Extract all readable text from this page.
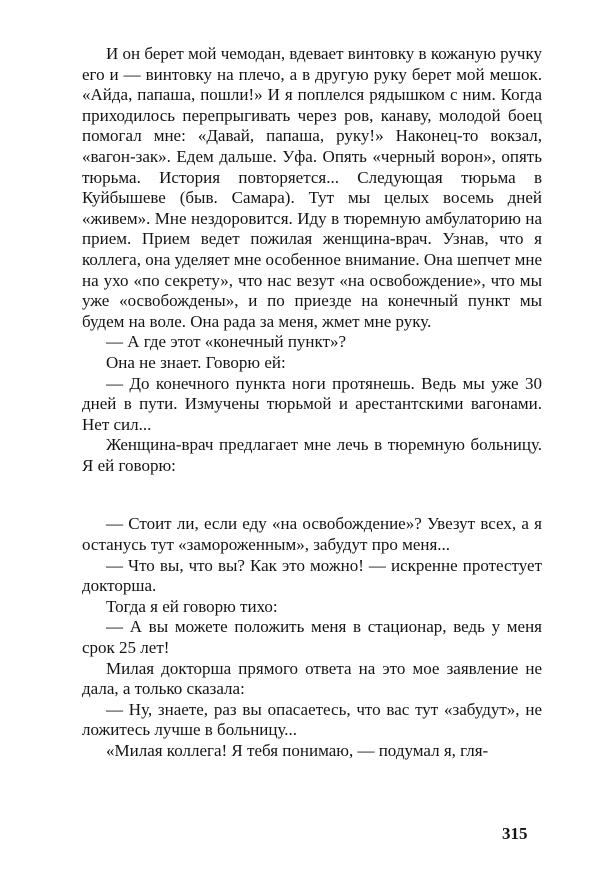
И он берет мой чемодан, вдевает винтовку в кожаную ручку его и — винтовку на плечо, а в другую руку берет мой мешок. «Айда, папаша, пошли!» И я поплелся рядышком с ним. Когда приходилось перепрыгивать через ров, канаву, молодой боец помогал мне: «Давай, папаша, руку!» Наконец-то вокзал, «вагон-зак». Едем дальше. Уфа. Опять «черный ворон», опять тюрьма. История повторяется... Следующая тюрьма в Куйбышеве (быв. Самара). Тут мы целых восемь дней «живем». Мне нездоровится. Иду в тюремную амбулаторию на прием. Прием ведет пожилая женщина-врач. Узнав, что я коллега, она уделяет мне особенное внимание. Она шепчет мне на ухо «по секрету», что нас везут «на освобождение», что мы уже «освобождены», и по приезде на конечный пункт мы будем на воле. Она рада за меня, жмет мне руку.

— А где этот «конечный пункт»?

Она не знает. Говорю ей:

— До конечного пункта ноги протянешь. Ведь мы уже 30 дней в пути. Измучены тюрьмой и арестантскими вагонами. Нет сил...

Женщина-врач предлагает мне лечь в тюремную больницу. Я ей говорю:

— Стоит ли, если еду «на освобождение»? Увезут всех, а я останусь тут «замороженным», забудут про меня...

— Что вы, что вы? Как это можно! — искренне протестует докторша.

Тогда я ей говорю тихо:

— А вы можете положить меня в стационар, ведь у меня срок 25 лет!

Милая докторша прямого ответа на это мое заявление не дала, а только сказала:

— Ну, знаете, раз вы опасаетесь, что вас тут «забудут», не ложитесь лучше в больницу...

«Милая коллега! Я тебя понимаю, — подумал я, гля-

315
